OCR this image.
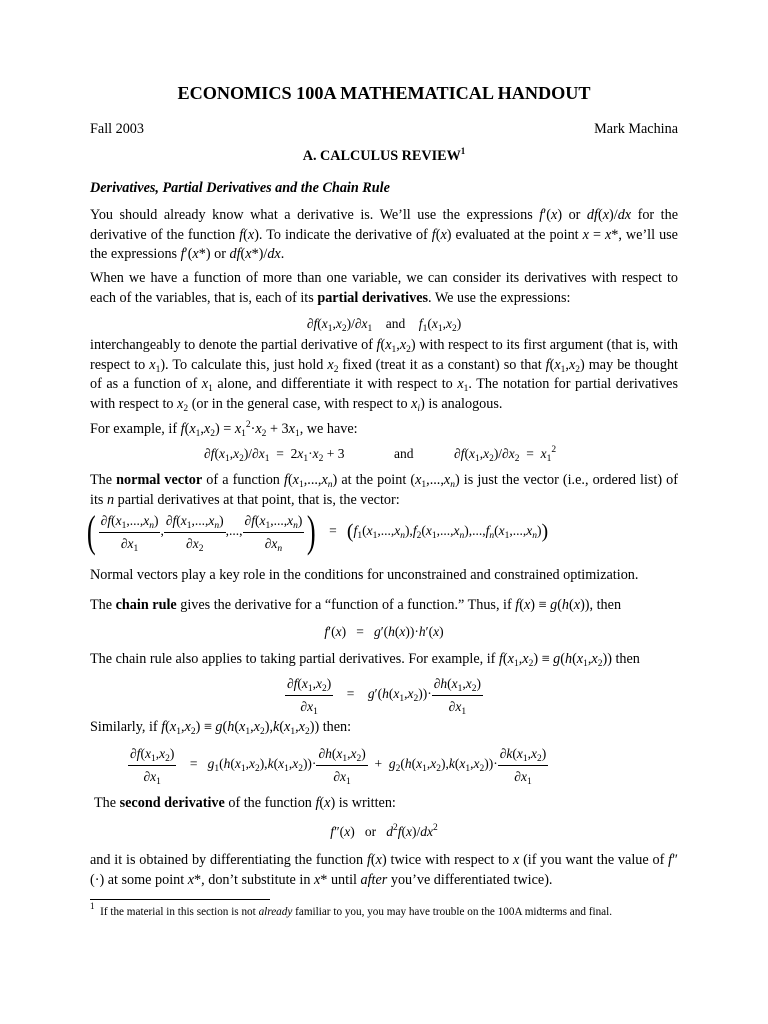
ECONOMICS 100A MATHEMATICAL HANDOUT
Fall 2003	Mark Machina
A. CALCULUS REVIEW$^1$
Derivatives, Partial Derivatives and the Chain Rule

You should already know what a derivative is. We’ll use the expressions f′(x) or df(x)/dx for the derivative of the function f(x). To indicate the derivative of f(x) evaluated at the point x = x*, we’ll use the expressions f′(x*) or df(x*)/dx.

When we have a function of more than one variable, we can consider its derivatives with respect to each of the variables, that is, each of its partial derivatives. We use the expressions:

$\partial f(x_1,x_2)/\partial x_1$ and $f_1(x_1,x_2)$

interchangeably to denote the partial derivative of $f(x_1,x_2)$ with respect to its first argument (that is, with respect to $x_1$). To calculate this, just hold $x_2$ fixed (treat it as a constant) so that $f(x_1,x_2)$ may be thought of as a function of $x_1$ alone, and differentiate it with respect to $x_1$. The notation for partial derivatives with respect to $x_2$ (or in the general case, with respect to $x_i$) is analogous.

For example, if $f(x_1,x_2) = x_1^2\cdot x_2 + 3x_1$, we have:

$\partial f(x_1,x_2)/\partial x_1 = 2x_1\cdot x_2 + 3$	and	$\partial f(x_1,x_2)/\partial x_2 = x_1^2$

The normal vector of a function $f(x_1,...,x_n)$ at the point $(x_1,...,x_n)$ is just the vector (i.e., ordered list) of its n partial derivatives at that point, that is, the vector:

( $\frac{\partial f(x_1,...,x_n)}{\partial x_1}$ , $\frac{\partial f(x_1,...,x_n)}{\partial x_2}$ ,..., $\frac{\partial f(x_1,...,x_n)}{\partial x_n}$ )   =   $(f_1(x_1,...,x_n),f_2(x_1,...,x_n),...,f_n(x_1,...,x_n))$

Normal vectors play a key role in the conditions for unconstrained and constrained optimization.

The chain rule gives the derivative for a “function of a function.” Thus, if f(x) ≡ g(h(x)), then

f′(x)   =   g′(h(x))·h′(x)

The chain rule also applies to taking partial derivatives. For example, if $f(x_1,x_2) \equiv g(h(x_1,x_2))$ then

$\frac{\partial f(x_1,x_2)}{\partial x_1} = g'(h(x_1,x_2))\cdot \frac{\partial h(x_1,x_2)}{\partial x_1}$

Similarly, if $f(x_1,x_2) \equiv g(h(x_1,x_2),k(x_1,x_2))$ then:

$\frac{\partial f(x_1,x_2)}{\partial x_1} = g_1(h(x_1,x_2),k(x_1,x_2))\cdot \frac{\partial h(x_1,x_2)}{\partial x_1} + g_2(h(x_1,x_2),k(x_1,x_2))\cdot \frac{\partial k(x_1,x_2)}{\partial x_1}$

The second derivative of the function f(x) is written:

f″(x)   or $d^2f(x)/dx^2$

and it is obtained by differentiating the function f(x) twice with respect to x (if you want the value of f″(·) at some point x*, don’t substitute in x* until after you’ve differentiated twice).

$^1$ If the material in this section is not already familiar to you, you may have trouble on the 100A midterms and final.
